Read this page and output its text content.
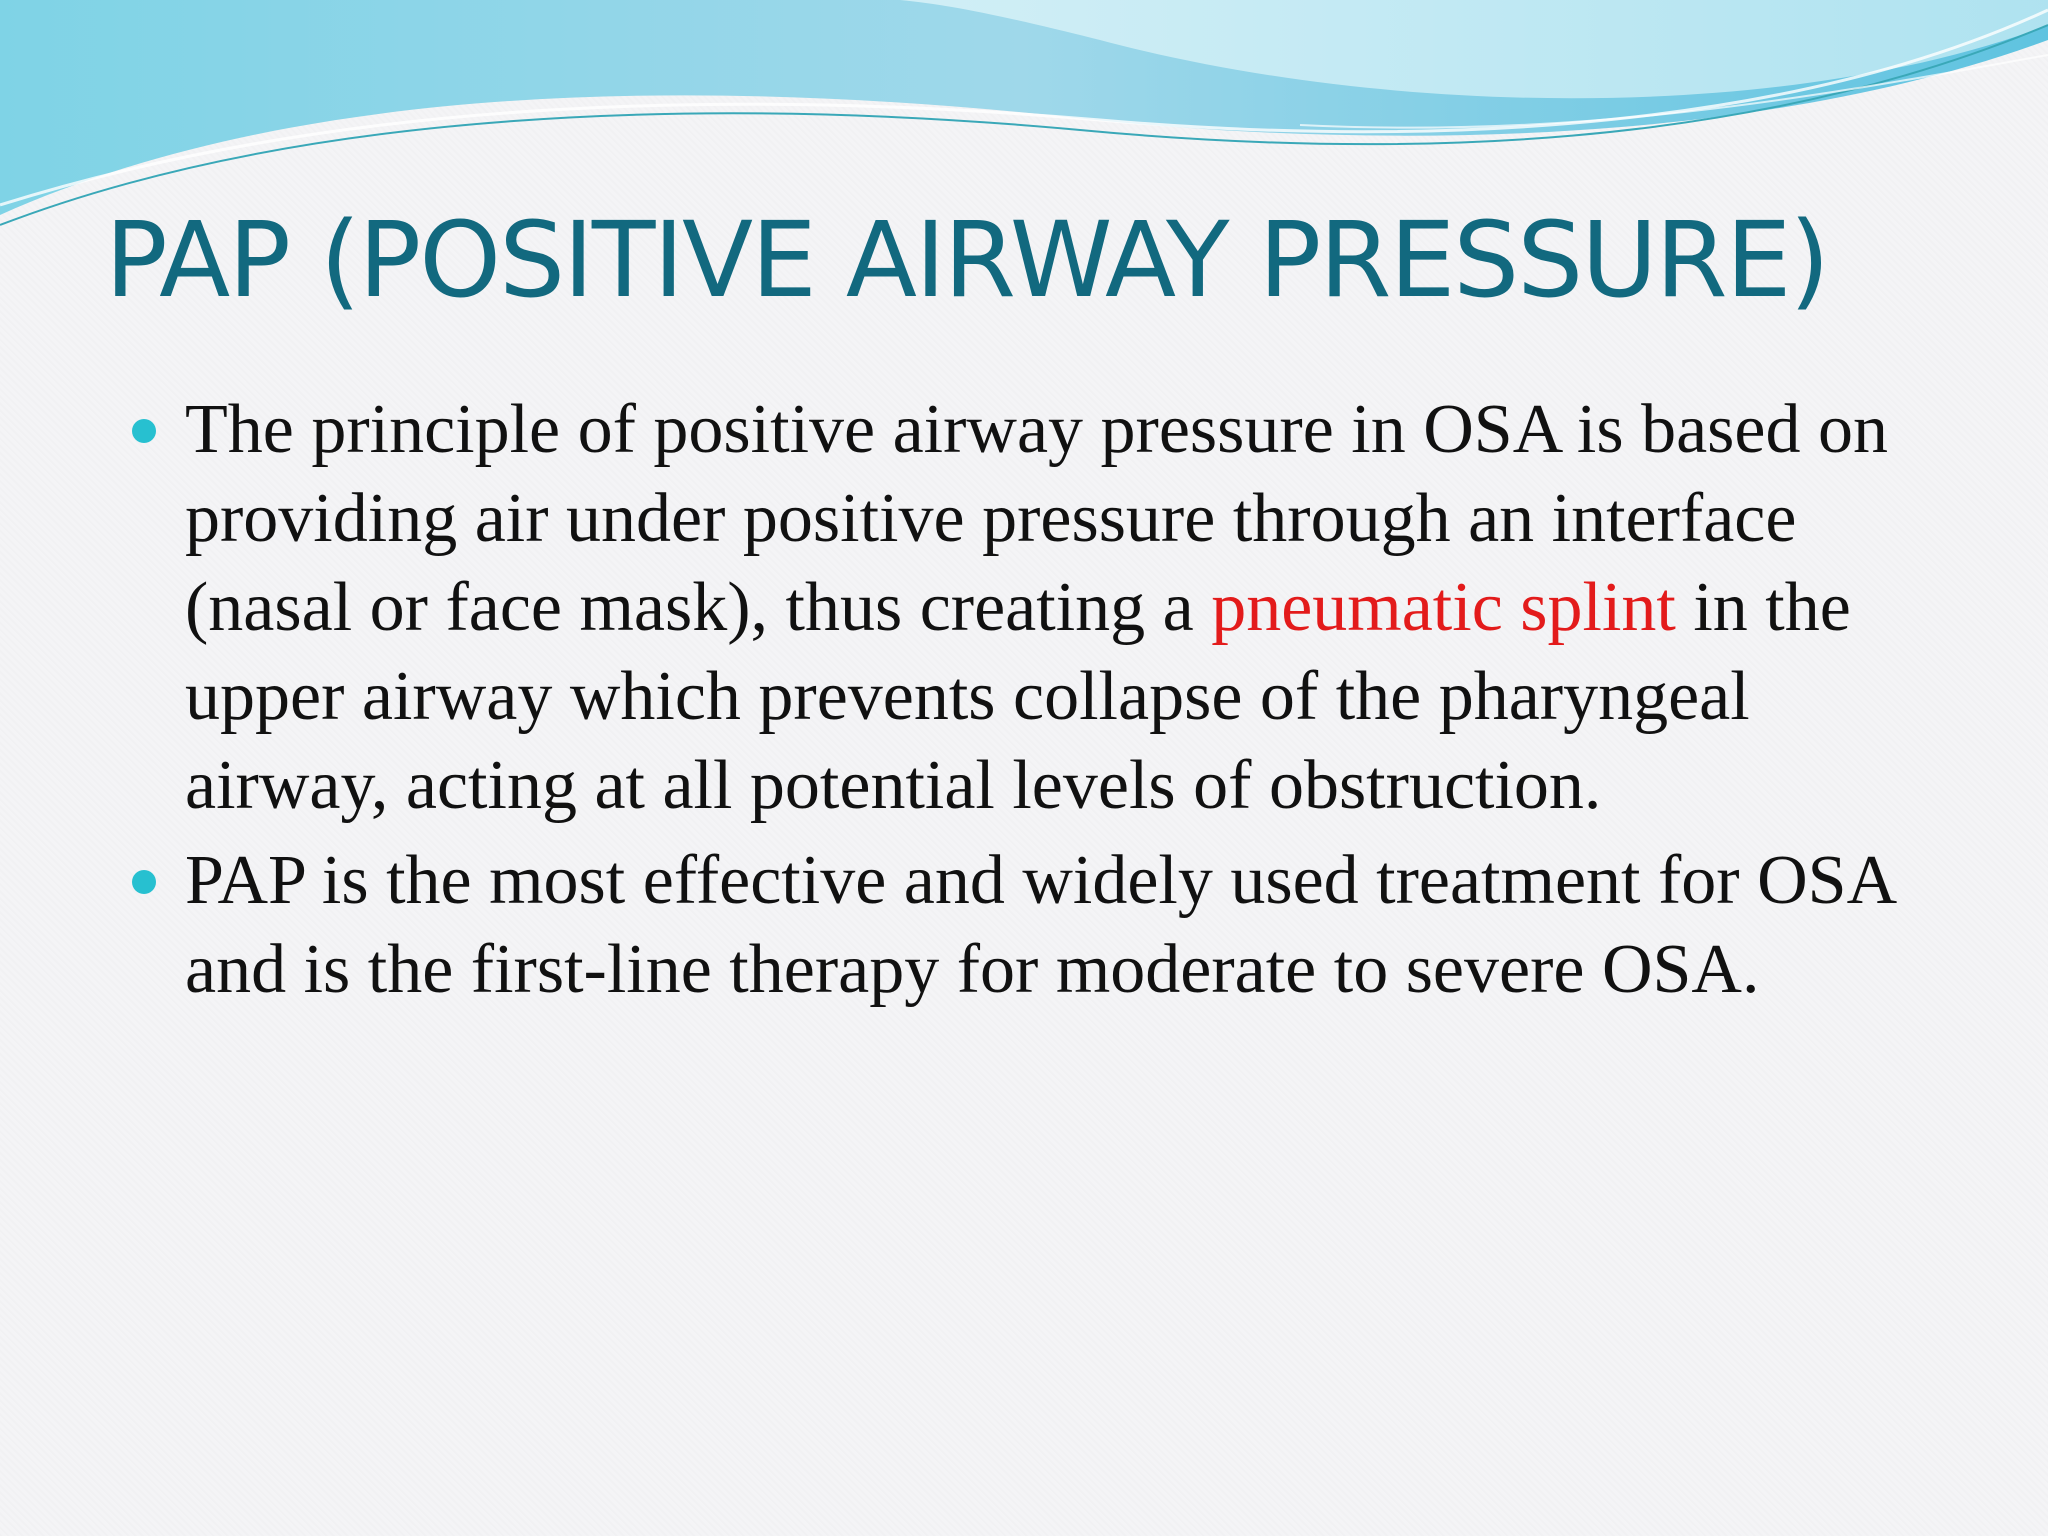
PAP (POSITIVE AIRWAY PRESSURE)
The principle of positive airway pressure in OSA is based on providing air under positive pressure through an interface (nasal or face mask), thus creating a pneumatic splint in the upper airway which prevents collapse of the pharyngeal airway, acting at all potential levels of obstruction.
PAP is the most effective and widely used treatment for OSA and is the first-line therapy for moderate to severe OSA.
